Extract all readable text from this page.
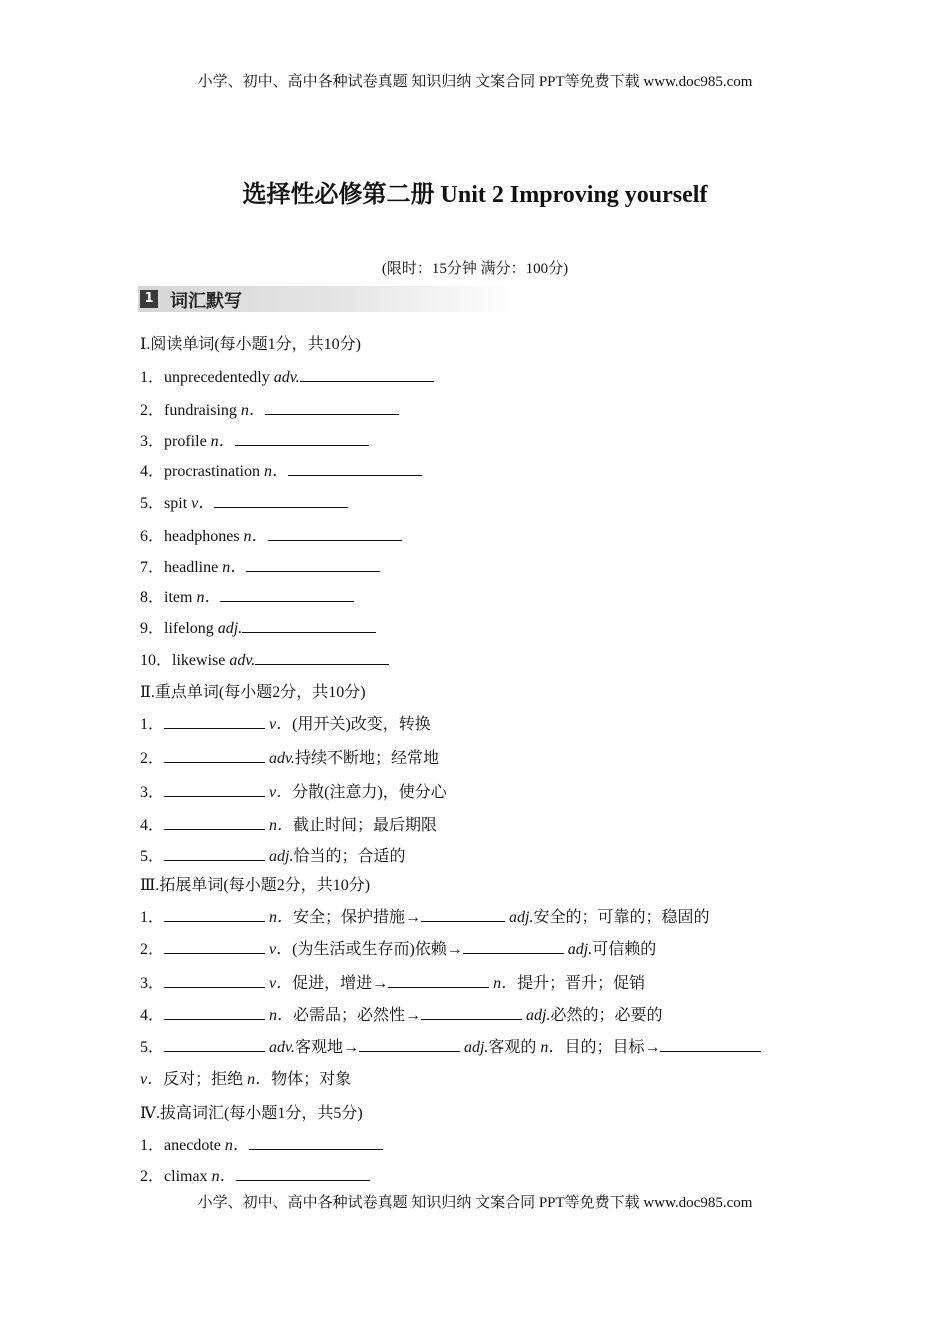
小学、初中、高中各种试卷真题 知识归纳 文案合同 PPT等免费下载 www.doc985.com
选择性必修第二册 Unit 2 Improving yourself
(限时：15分钟 满分：100分)
1 词汇默写
Ⅰ.阅读单词(每小题1分，共10分)
1．unprecedentedly adv.
2．fundraising n．
3．profile n．
4．procrastination n．
5．spit v．
6．headphones n．
7．headline n．
8．item n．
9．lifelong adj.
10．likewise adv.
Ⅱ.重点单词(每小题2分，共10分)
1．	v．(用开关)改变，转换
2．	adv.持续不断地；经常地
3．	v．分散(注意力)，使分心
4．	n．截止时间；最后期限
5．	adj.恰当的；合适的
Ⅲ.拓展单词(每小题2分，共10分)
1．	n．安全；保护措施→	adj.安全的；可靠的；稳固的
2．	v．(为生活或生存而)依赖→	adj.可信赖的
3．	v．促进，增进→	n．提升；晋升；促销
4．	n．必需品；必然性→	adj.必然的；必要的
5．	adv.客观地→	adj.客观的 n．目的；目标→
v．反对；拒绝 n．物体；对象
Ⅳ.拔高词汇(每小题1分，共5分)
1．anecdote n．
2．climax n．
小学、初中、高中各种试卷真题 知识归纳 文案合同 PPT等免费下载 www.doc985.com
